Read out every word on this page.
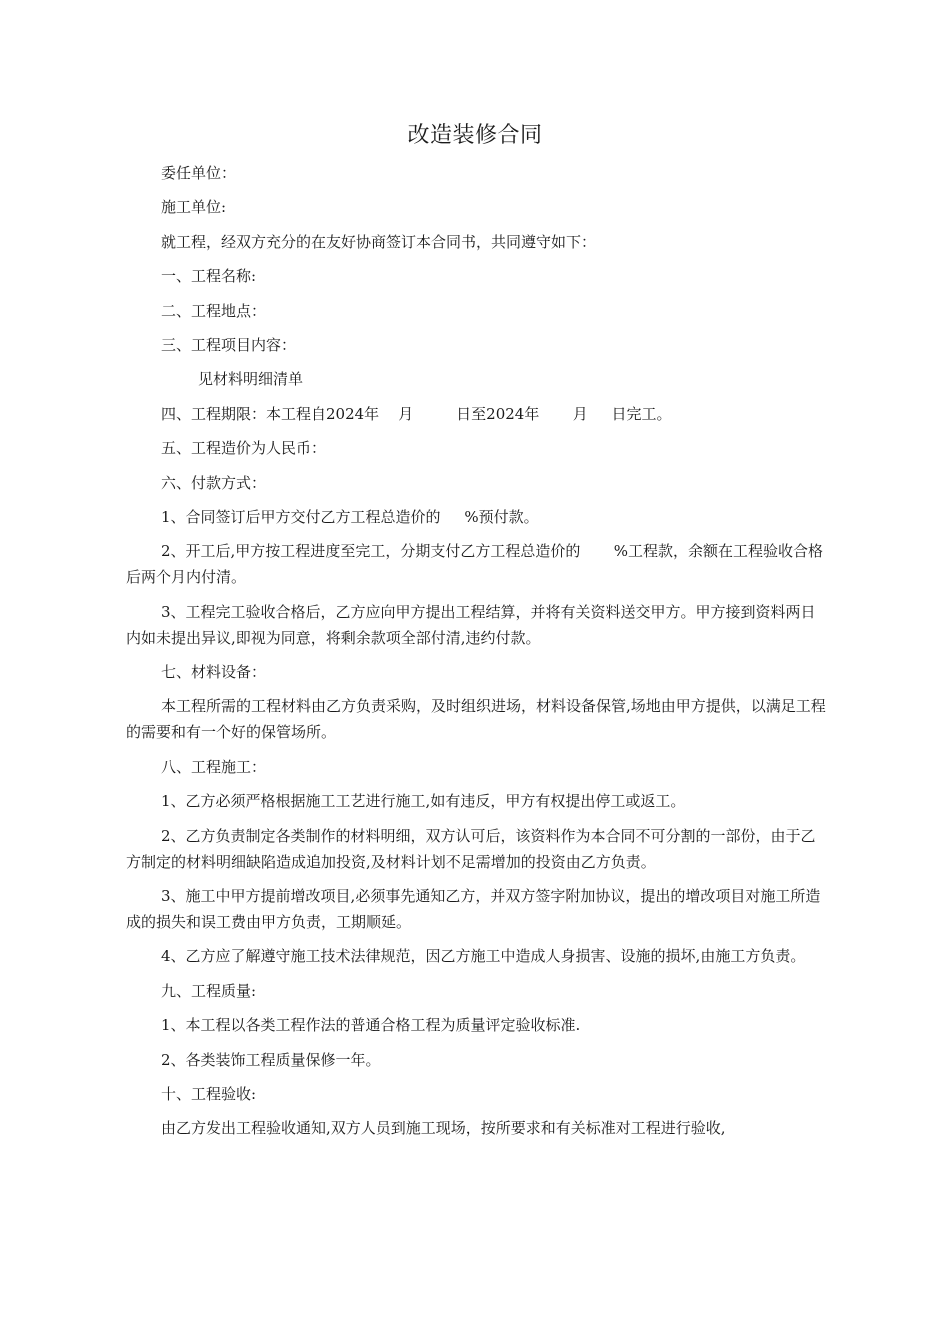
改造装修合同

委任单位：

施工单位:

就工程，经双方充分的在友好协商签订本合同书，共同遵守如下：

一、工程名称:

二、工程地点：

三、工程项目内容：

见材料明细清单

四、工程期限：本工程自2024年    月         日至2024年       月     日完工。

五、工程造价为人民币：

六、付款方式：

1、合同签订后甲方交付乙方工程总造价的     %预付款。

2、开工后,甲方按工程进度至完工，分期支付乙方工程总造价的       %工程款，余额在工程验收合格后两个月内付清。

3、工程完工验收合格后，乙方应向甲方提出工程结算，并将有关资料送交甲方。甲方接到资料两日内如未提出异议,即视为同意，将剩余款项全部付清,违约付款。

七、材料设备：

本工程所需的工程材料由乙方负责采购，及时组织进场，材料设备保管,场地由甲方提供，以满足工程的需要和有一个好的保管场所。

八、工程施工：

1、乙方必须严格根据施工工艺进行施工,如有违反，甲方有权提出停工或返工。

2、乙方负责制定各类制作的材料明细，双方认可后，该资料作为本合同不可分割的一部份，由于乙方制定的材料明细缺陷造成追加投资,及材料计划不足需增加的投资由乙方负责。

3、施工中甲方提前增改项目,必须事先通知乙方，并双方签字附加协议，提出的增改项目对施工所造成的损失和误工费由甲方负责，工期顺延。

4、乙方应了解遵守施工技术法律规范，因乙方施工中造成人身损害、设施的损坏,由施工方负责。

九、工程质量:

1、本工程以各类工程作法的普通合格工程为质量评定验收标准.

2、各类装饰工程质量保修一年。

十、工程验收:

由乙方发出工程验收通知,双方人员到施工现场，按所要求和有关标准对工程进行验收,
